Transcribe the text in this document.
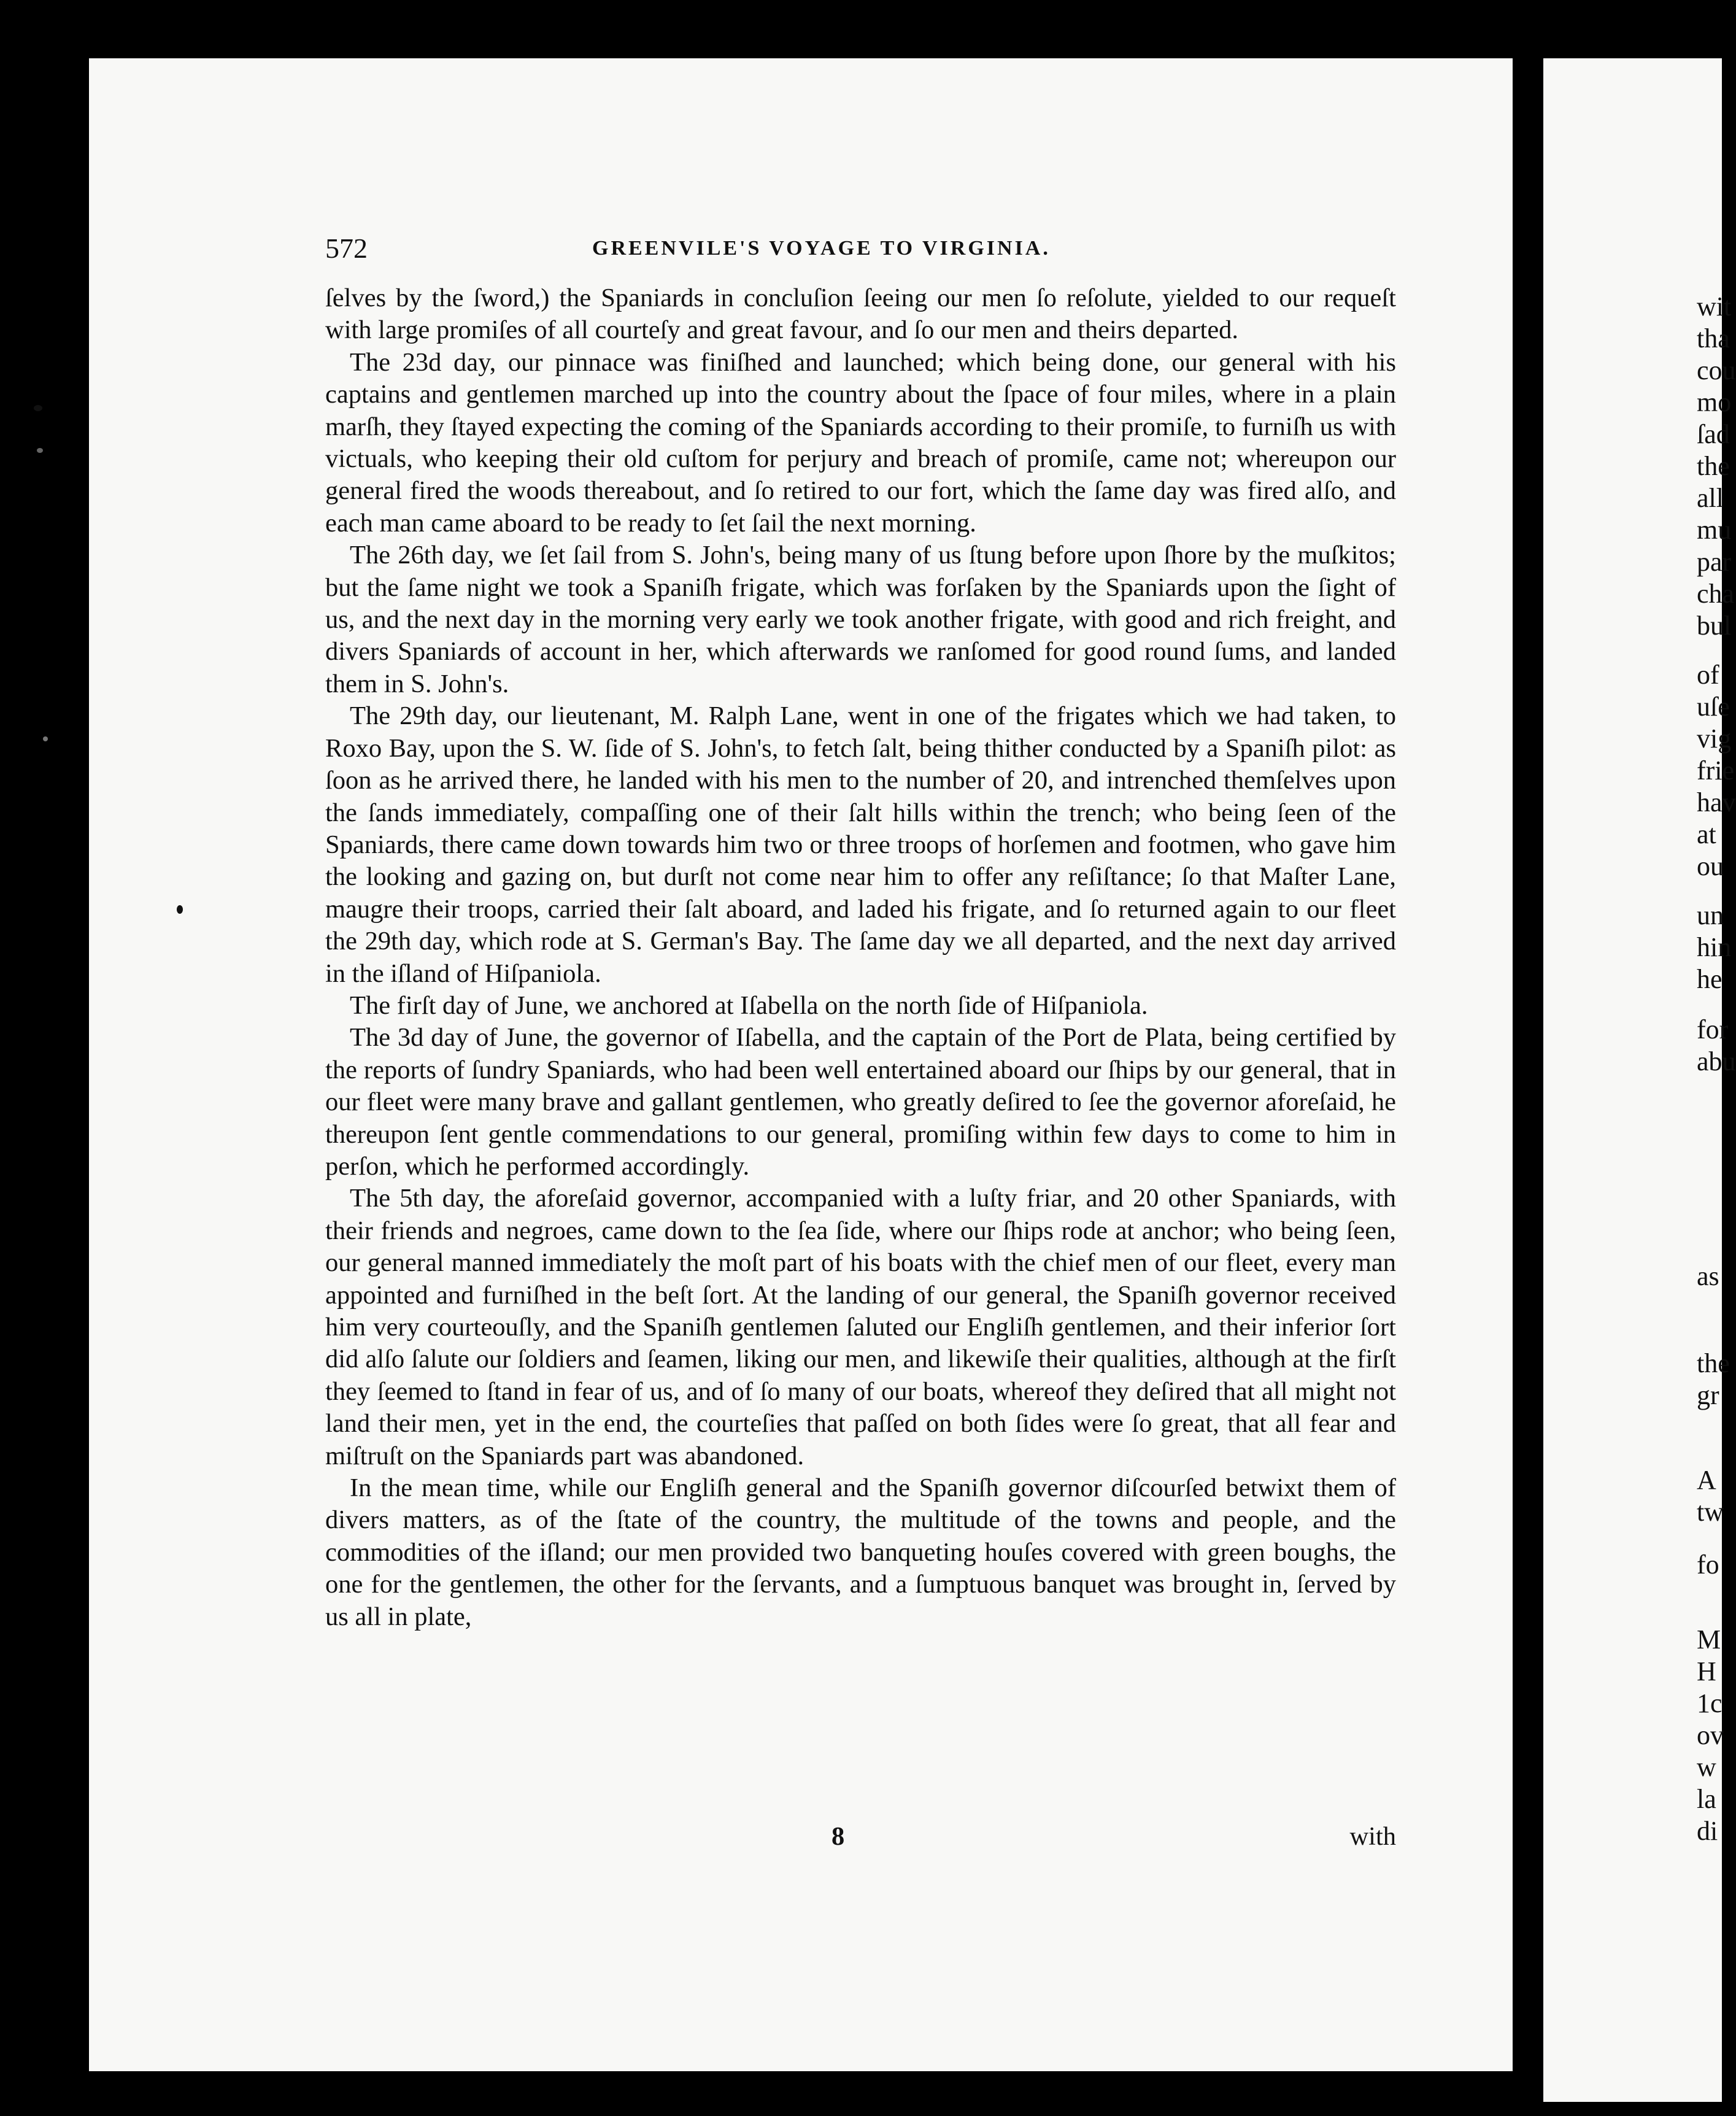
wit
tha
cou
mo
ſad
the
all
mu
par
cha
bul
of
uſe
vig
frie
hav
at
ou
un
hin
he
for
abu
as
the
gr
A
tw
fo
M
H
1c
ov
w
la
di
572	GREENVILE'S VOYAGE TO VIRGINIA.

ſelves by the ſword,) the Spaniards in concluſion ſeeing our men ſo reſolute, yielded to our requeſt with large promiſes of all courteſy and great favour, and ſo our men and theirs departed.

The 23d day, our pinnace was finiſhed and launched; which being done, our general with his captains and gentlemen marched up into the country about the ſpace of four miles, where in a plain marſh, they ſtayed expecting the coming of the Spaniards according to their promiſe, to furniſh us with victuals, who keeping their old cuſtom for perjury and breach of promiſe, came not; whereupon our general fired the woods thereabout, and ſo retired to our fort, which the ſame day was fired alſo, and each man came aboard to be ready to ſet ſail the next morning.

The 26th day, we ſet ſail from S. John's, being many of us ſtung before upon ſhore by the muſkitos; but the ſame night we took a Spaniſh frigate, which was forſaken by the Spaniards upon the ſight of us, and the next day in the morning very early we took another frigate, with good and rich freight, and divers Spaniards of account in her, which afterwards we ranſomed for good round ſums, and landed them in S. John's.

The 29th day, our lieutenant, M. Ralph Lane, went in one of the frigates which we had taken, to Roxo Bay, upon the S. W. ſide of S. John's, to fetch ſalt, being thither conducted by a Spaniſh pilot: as ſoon as he arrived there, he landed with his men to the number of 20, and intrenched themſelves upon the ſands immediately, compaſſing one of their ſalt hills within the trench; who being ſeen of the Spaniards, there came down towards him two or three troops of horſemen and footmen, who gave him the looking and gazing on, but durſt not come near him to offer any reſiſtance; ſo that Maſter Lane, maugre their troops, carried their ſalt aboard, and laded his frigate, and ſo returned again to our fleet the 29th day, which rode at S. German's Bay. The ſame day we all departed, and the next day arrived in the iſland of Hiſpaniola.

The firſt day of June, we anchored at Iſabella on the north ſide of Hiſpaniola.

The 3d day of June, the governor of Iſabella, and the captain of the Port de Plata, being certified by the reports of ſundry Spaniards, who had been well entertained aboard our ſhips by our general, that in our fleet were many brave and gallant gentlemen, who greatly deſired to ſee the governor aforeſaid, he thereupon ſent gentle commendations to our general, promiſing within few days to come to him in perſon, which he performed accordingly.

The 5th day, the aforeſaid governor, accompanied with a luſty friar, and 20 other Spaniards, with their friends and negroes, came down to the ſea ſide, where our ſhips rode at anchor; who being ſeen, our general manned immediately the moſt part of his boats with the chief men of our fleet, every man appointed and furniſhed in the beſt ſort. At the landing of our general, the Spaniſh governor received him very courteouſly, and the Spaniſh gentlemen ſaluted our Engliſh gentlemen, and their inferior ſort did alſo ſalute our ſoldiers and ſeamen, liking our men, and likewiſe their qualities, although at the firſt they ſeemed to ſtand in fear of us, and of ſo many of our boats, whereof they deſired that all might not land their men, yet in the end, the courteſies that paſſed on both ſides were ſo great, that all fear and miſtruſt on the Spaniards part was abandoned.

In the mean time, while our Engliſh general and the Spaniſh governor diſcourſed betwixt them of divers matters, as of the ſtate of the country, the multitude of the towns and people, and the commodities of the iſland; our men provided two banqueting houſes covered with green boughs, the one for the gentlemen, the other for the ſervants, and a ſumptuous banquet was brought in, ſerved by us all in plate,

8	with
